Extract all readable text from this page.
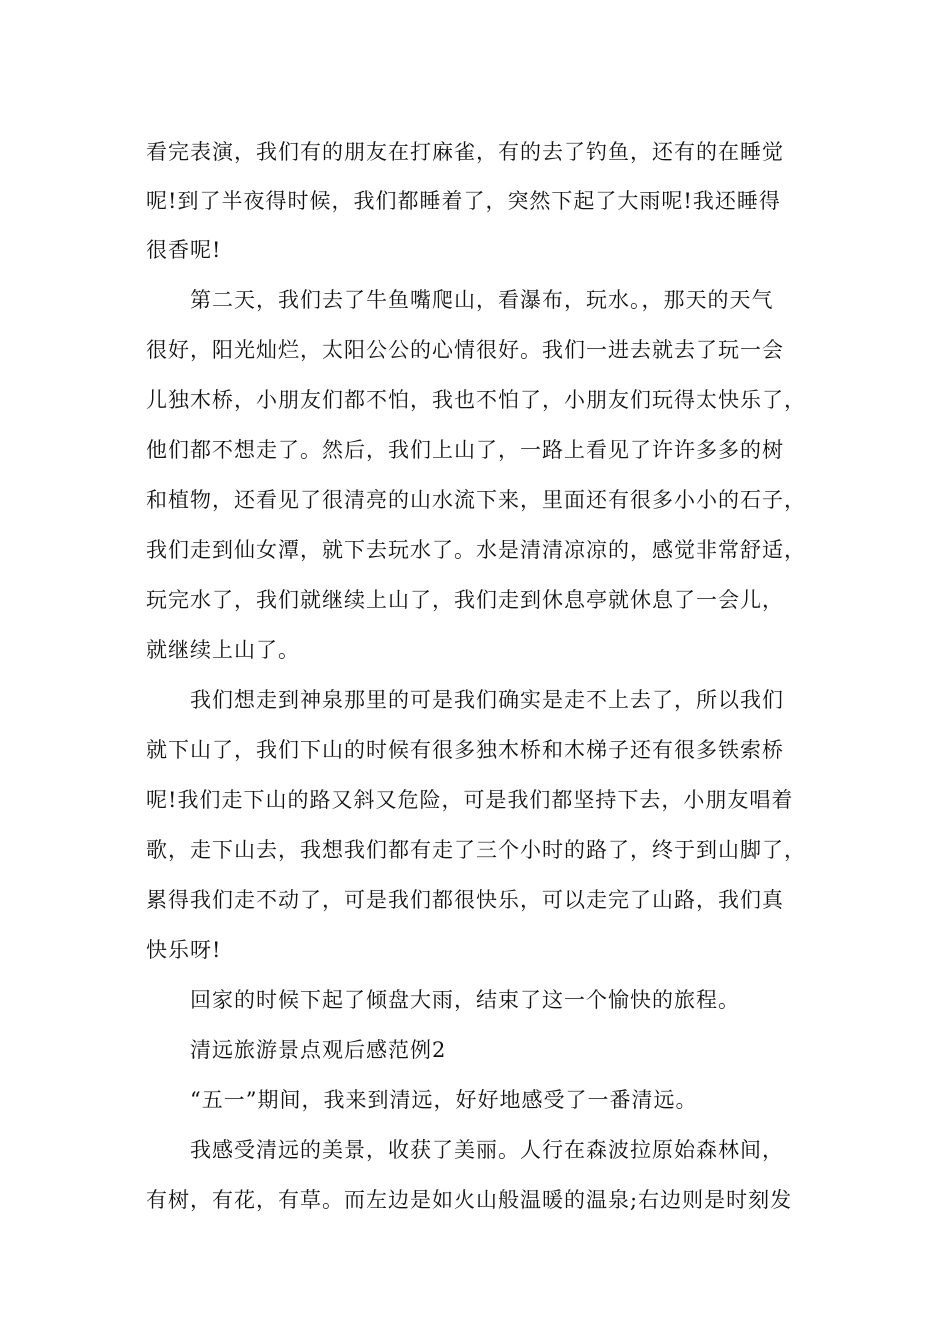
看完表演，我们有的朋友在打麻雀，有的去了钓鱼，还有的在睡觉
呢!到了半夜得时候，我们都睡着了，突然下起了大雨呢!我还睡得
很香呢!
第二天，我们去了牛鱼嘴爬山，看瀑布，玩水。，那天的天气
很好，阳光灿烂，太阳公公的心情很好。我们一进去就去了玩一会
儿独木桥，小朋友们都不怕，我也不怕了，小朋友们玩得太快乐了，
他们都不想走了。然后，我们上山了，一路上看见了许许多多的树
和植物，还看见了很清亮的山水流下来，里面还有很多小小的石子，
我们走到仙女潭，就下去玩水了。水是清清凉凉的，感觉非常舒适，
玩完水了，我们就继续上山了，我们走到休息亭就休息了一会儿，
就继续上山了。
我们想走到神泉那里的可是我们确实是走不上去了，所以我们
就下山了，我们下山的时候有很多独木桥和木梯子还有很多铁索桥
呢!我们走下山的路又斜又危险，可是我们都坚持下去，小朋友唱着
歌，走下山去，我想我们都有走了三个小时的路了，终于到山脚了，
累得我们走不动了，可是我们都很快乐，可以走完了山路，我们真
快乐呀!
回家的时候下起了倾盘大雨，结束了这一个愉快的旅程。
清远旅游景点观后感范例2
“五一”期间，我来到清远，好好地感受了一番清远。
我感受清远的美景，收获了美丽。人行在森波拉原始森林间，
有树，有花，有草。而左边是如火山般温暖的温泉;右边则是时刻发
